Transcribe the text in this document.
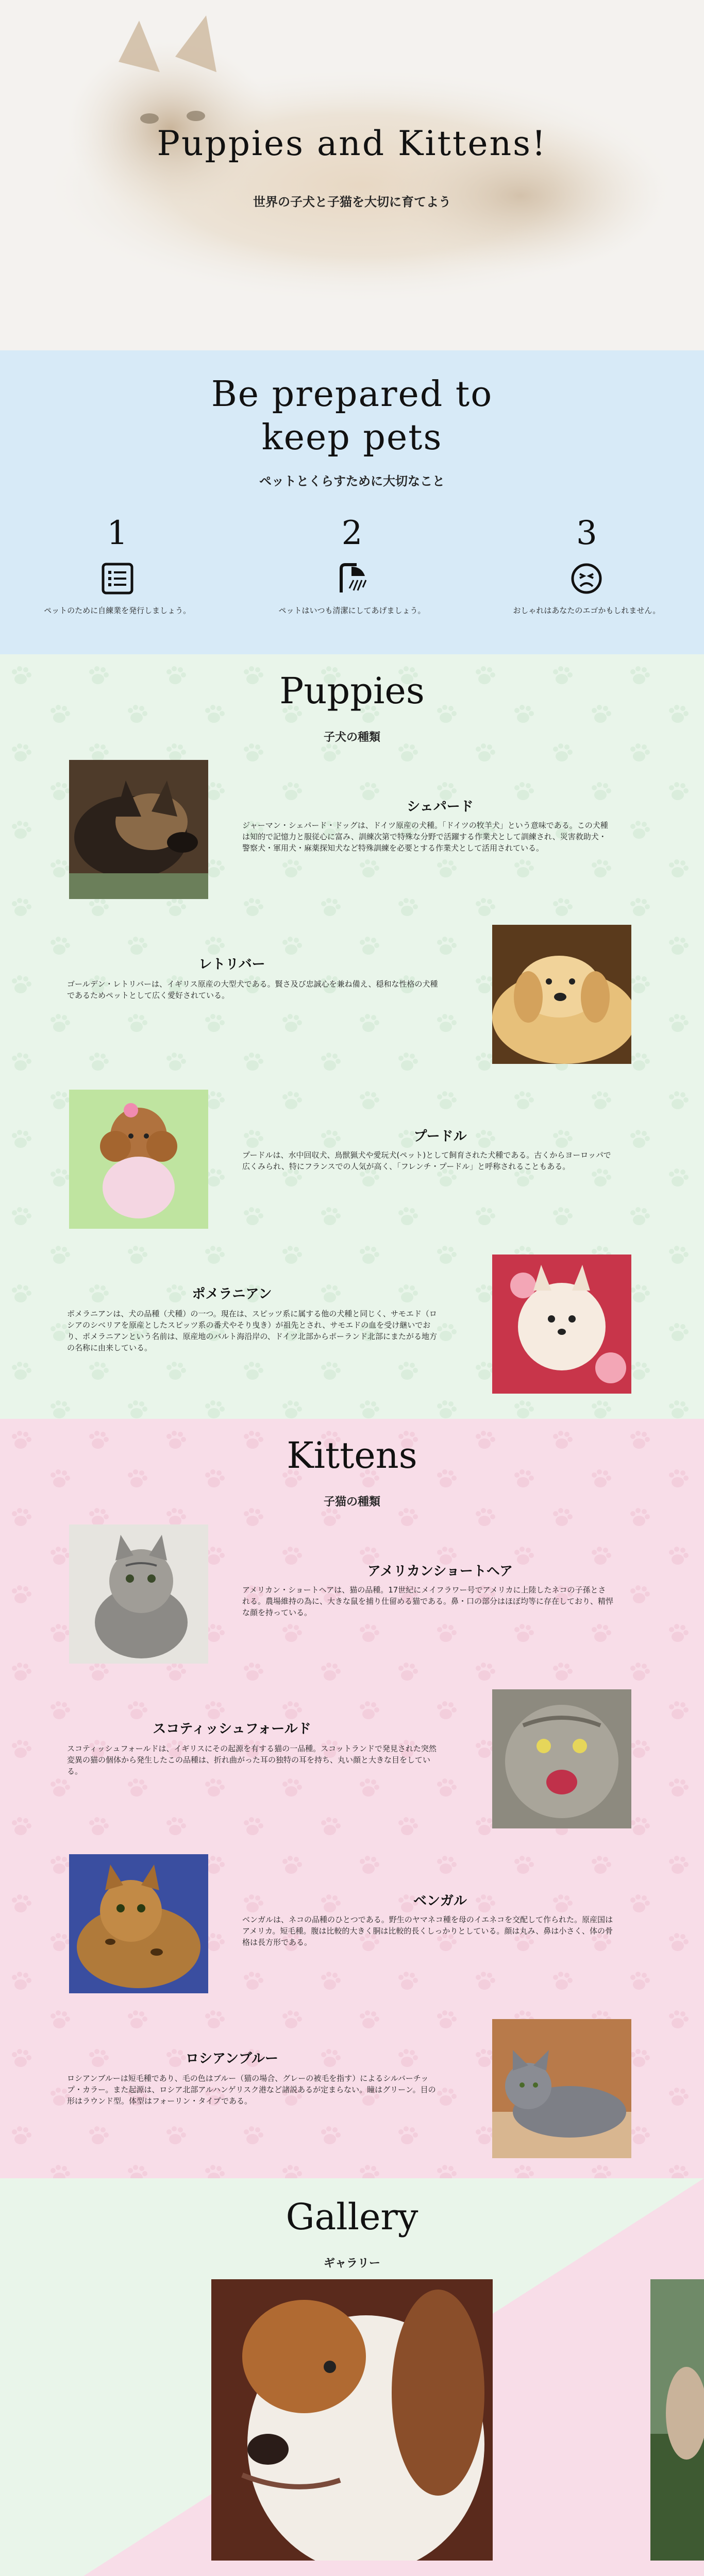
Puppies and Kittens!
世界の子犬と子猫を大切に育てよう
Be prepared to
keep pets
ペットとくらすために大切なこと
1
ペットのために自練業を発行しましょう。
2
ペットはいつも清潔にしてあげましょう。
3
おしゃれはあなたのエゴかもしれません。
Puppies
子犬の種類
シェパード
ジャーマン・シェパード・ドッグは、ドイツ原産の犬種。「ドイツの牧羊犬」という意味である。この犬種は知的で記憶力と服従心に富み、訓練次第で特殊な分野で活躍する作業犬として訓練され、災害救助犬・警察犬・軍用犬・麻薬探知犬など特殊訓練を必要とする作業犬として活用されている。
レトリバー
ゴールデン・レトリバーは、イギリス原産の大型犬である。賢さ及び忠誠心を兼ね備え、穏和な性格の犬種であるためペットとして広く愛好されている。
プードル
プードルは、水中回収犬、鳥獣猟犬や愛玩犬(ペット)として飼育された犬種である。古くからヨーロッパで広くみられ、特にフランスでの人気が高く、「フレンチ・プードル」と呼称されることもある。
ポメラニアン
ポメラニアンは、犬の品種（犬種）の一つ。現在は、スピッツ系に属する他の犬種と同じく、サモエド（ロシアのシベリアを原産としたスピッツ系の番犬やそり曳き）が祖先とされ、サモエドの血を受け継いでおり、ポメラニアンという名前は、原産地のバルト海沿岸の、ドイツ北部からポーランド北部にまたがる地方の名称に由来している。
Kittens
子猫の種類
アメリカンショートヘア
アメリカン・ショートヘアは、猫の品種。17世紀にメイフラワー号でアメリカに上陸したネコの子孫とされる。農場維持の為に、大きな鼠を捕り仕留める猫である。鼻・口の部分はほぼ均等に存在しており、精悍な顔を持っている。
スコティッシュフォールド
スコティッシュフォールドは、イギリスにその起源を有する猫の一品種。スコットランドで発見された突然変異の猫の個体から発生したこの品種は、折れ曲がった耳の独特の耳を持ち、丸い顔と大きな目をしている。
ベンガル
ベンガルは、ネコの品種のひとつである。野生のヤマネコ種を母のイエネコを交配して作られた。原産国はアメリカ。短毛種。腹は比較的大きく胴は比較的長くしっかりとしている。顔は丸み、鼻は小さく、体の骨格は長方形である。
ロシアンブルー
ロシアンブルーは短毛種であり、毛の色はブルー（猫の場合、グレーの被毛を指す）によるシルバーチップ・カラー。また起源は、ロシア北部アルハンゲリスク港など諸説あるが定まらない。瞳はグリーン。目の形はラウンド型。体型はフォーリン・タイプである。
Gallery
ギャラリー
